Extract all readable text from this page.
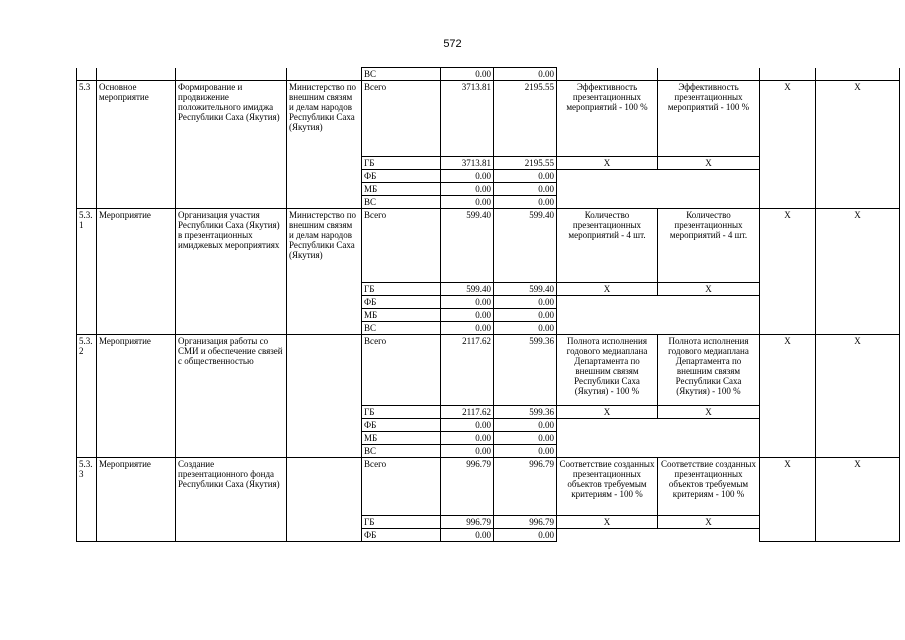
572
				ВС	0.00	0.00				
5.3	Основное мероприятие	Формирование и продвижение положительного имиджа Республики Саха (Якутия)	Министерство по внешним связям и делам народов Республики Саха (Якутия)	Всего	3713.81	2195.55	Эффективность презентационных мероприятий - 100 %	Эффективность презентационных мероприятий - 100 %	X	X
				ГБ	3713.81	2195.55	X	X		
				ФБ	0.00	0.00				
				МБ	0.00	0.00				
				ВС	0.00	0.00				
5.3. 1	Мероприятие	Организация участия Республики Саха (Якутия) в презентационных имиджевых мероприятиях	Министерство по внешним связям и делам народов Республики Саха (Якутия)	Всего	599.40	599.40	Количество презентационных мероприятий - 4 шт.	Количество презентационных мероприятий - 4 шт.	X	X
				ГБ	599.40	599.40	X	X		
				ФБ	0.00	0.00				
				МБ	0.00	0.00				
				ВС	0.00	0.00				
5.3. 2	Мероприятие	Организация работы со СМИ и обеспечение связей с общественностью		Всего	2117.62	599.36	Полнота исполнения годового медиаплана Департамента по внешним связям Республики Саха (Якутия) - 100 %	Полнота исполнения годового медиаплана Департамента по внешним связям Республики Саха (Якутия) - 100 %	X	X
				ГБ	2117.62	599.36	X	X		
				ФБ	0.00	0.00				
				МБ	0.00	0.00				
				ВС	0.00	0.00				
5.3. 3	Мероприятие	Создание презентационного фонда Республики Саха (Якутия)		Всего	996.79	996.79	Соответствие созданных презентационных объектов требуемым критериям - 100 %	Соответствие созданных презентационных объектов требуемым критериям - 100 %	X	X
				ГБ	996.79	996.79	X	X		
				ФБ	0.00	0.00				
